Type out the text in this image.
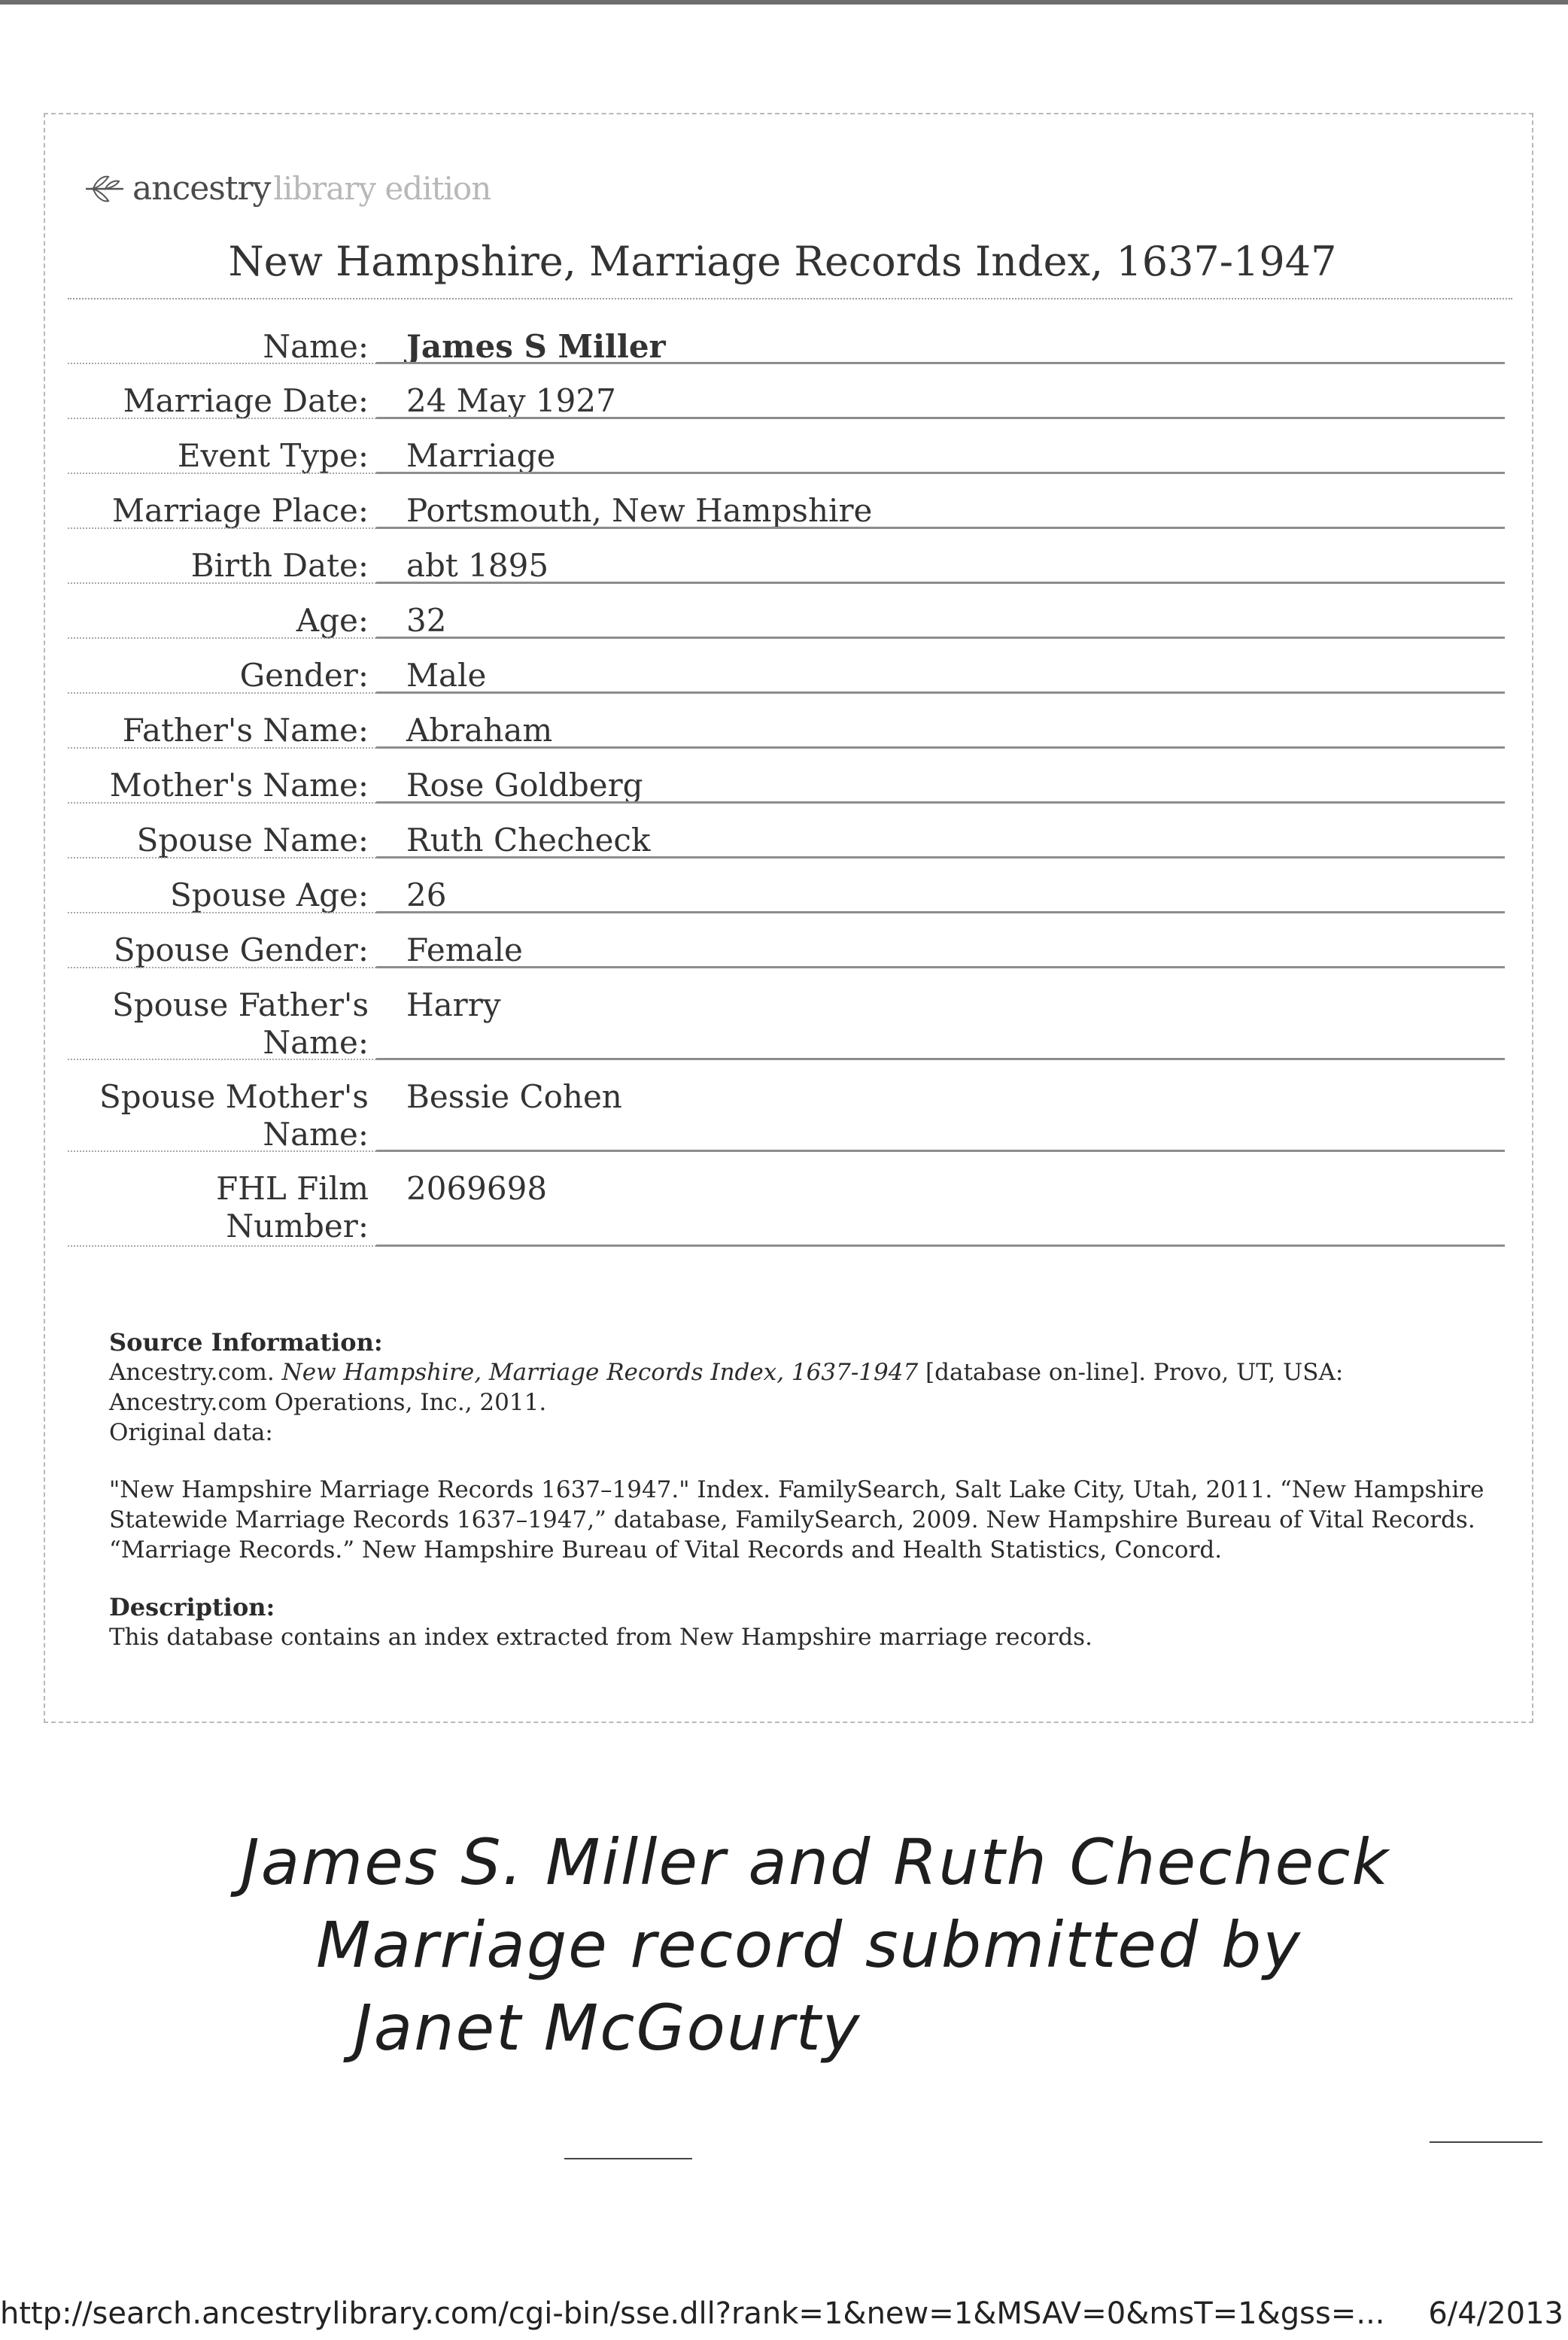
ancestry library edition
New Hampshire, Marriage Records Index, 1637-1947
Name: James S Miller
Marriage Date: 24 May 1927
Event Type: Marriage
Marriage Place: Portsmouth, New Hampshire
Birth Date: abt 1895
Age: 32
Gender: Male
Father's Name: Abraham
Mother's Name: Rose Goldberg
Spouse Name: Ruth Checheck
Spouse Age: 26
Spouse Gender: Female
Spouse Father's Name:
Harry
Spouse Mother's Name:
Bessie Cohen
FHL Film Number:
2069698

Source Information:

Ancestry.com. New Hampshire, Marriage Records Index, 1637-1947 [database on-line]. Provo, UT, USA: Ancestry.com Operations, Inc., 2011.

Original data:

"New Hampshire Marriage Records 1637–1947." Index. FamilySearch, Salt Lake City, Utah, 2011. “New Hampshire Statewide Marriage Records 1637–1947,” database, FamilySearch, 2009. New Hampshire Bureau of Vital Records. “Marriage Records.” New Hampshire Bureau of Vital Records and Health Statistics, Concord.

Description:

This database contains an index extracted from New Hampshire marriage records.

James S. Miller and Ruth Checheck

Marriage record submitted by

Janet McGourty

http://search.ancestrylibrary.com/cgi-bin/sse.dll?rank=1&new=1&MSAV=0&msT=1&gss=... 6/4/2013
